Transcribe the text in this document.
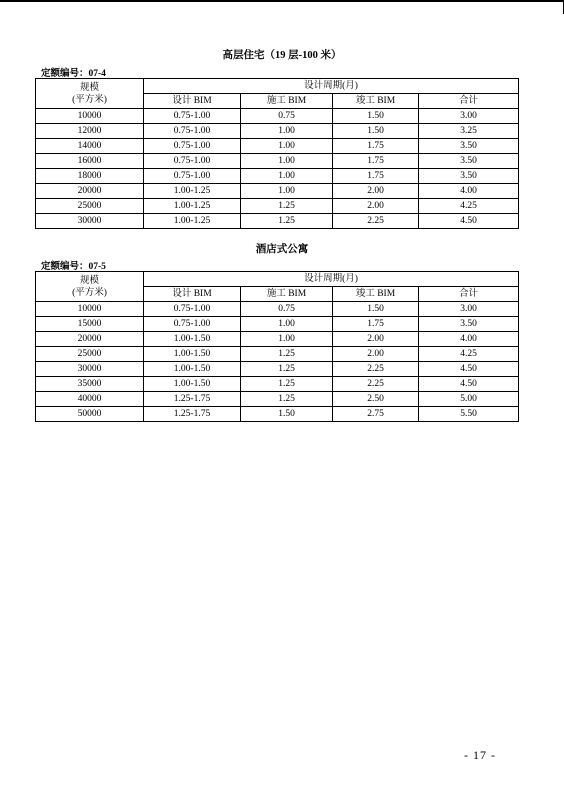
高层住宅（19 层-100 米）
定额编号：07-4
规模
(平方米)	设计周期(月)			
	设计 BIM	施工 BIM	竣工 BIM	合计
10000	0.75-1.00	0.75	1.50	3.00
12000	0.75-1.00	1.00	1.50	3.25
14000	0.75-1.00	1.00	1.75	3.50
16000	0.75-1.00	1.00	1.75	3.50
18000	0.75-1.00	1.00	1.75	3.50
20000	1.00-1.25	1.00	2.00	4.00
25000	1.00-1.25	1.25	2.00	4.25
30000	1.00-1.25	1.25	2.25	4.50
酒店式公寓
定额编号：07-5
规模
(平方米)	设计周期(月)			
	设计 BIM	施工 BIM	竣工 BIM	合计
10000	0.75-1.00	0.75	1.50	3.00
15000	0.75-1.00	1.00	1.75	3.50
20000	1.00-1.50	1.00	2.00	4.00
25000	1.00-1.50	1.25	2.00	4.25
30000	1.00-1.50	1.25	2.25	4.50
35000	1.00-1.50	1.25	2.25	4.50
40000	1.25-1.75	1.25	2.50	5.00
50000	1.25-1.75	1.50	2.75	5.50
- 17 -
